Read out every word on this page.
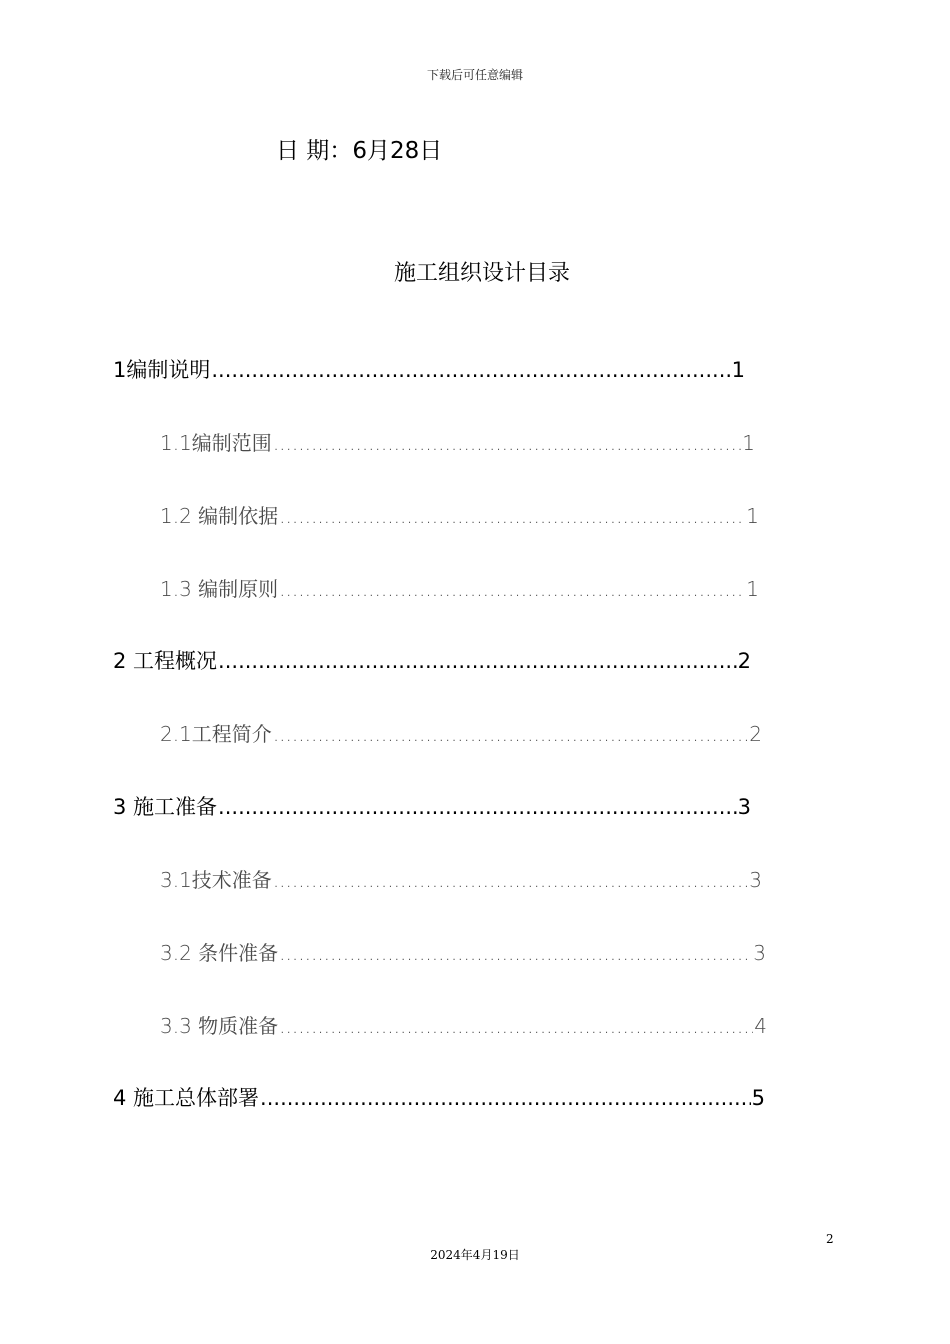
下载后可任意编辑
日 期：6月28日
施工组织设计目录
1编制说明 .....	1
1.1编制范围 .....	1
1.2 编制依据 .....	1
1.3 编制原则 .....	1
2 工程概况 .....	2
2.1工程简介 .....	2
3 施工准备 .....	3
3.1技术准备 .....	3
3.2 条件准备 .....	3
3.3 物质准备 .....	4
4 施工总体部署 .....	5
2
2024年4月19日
